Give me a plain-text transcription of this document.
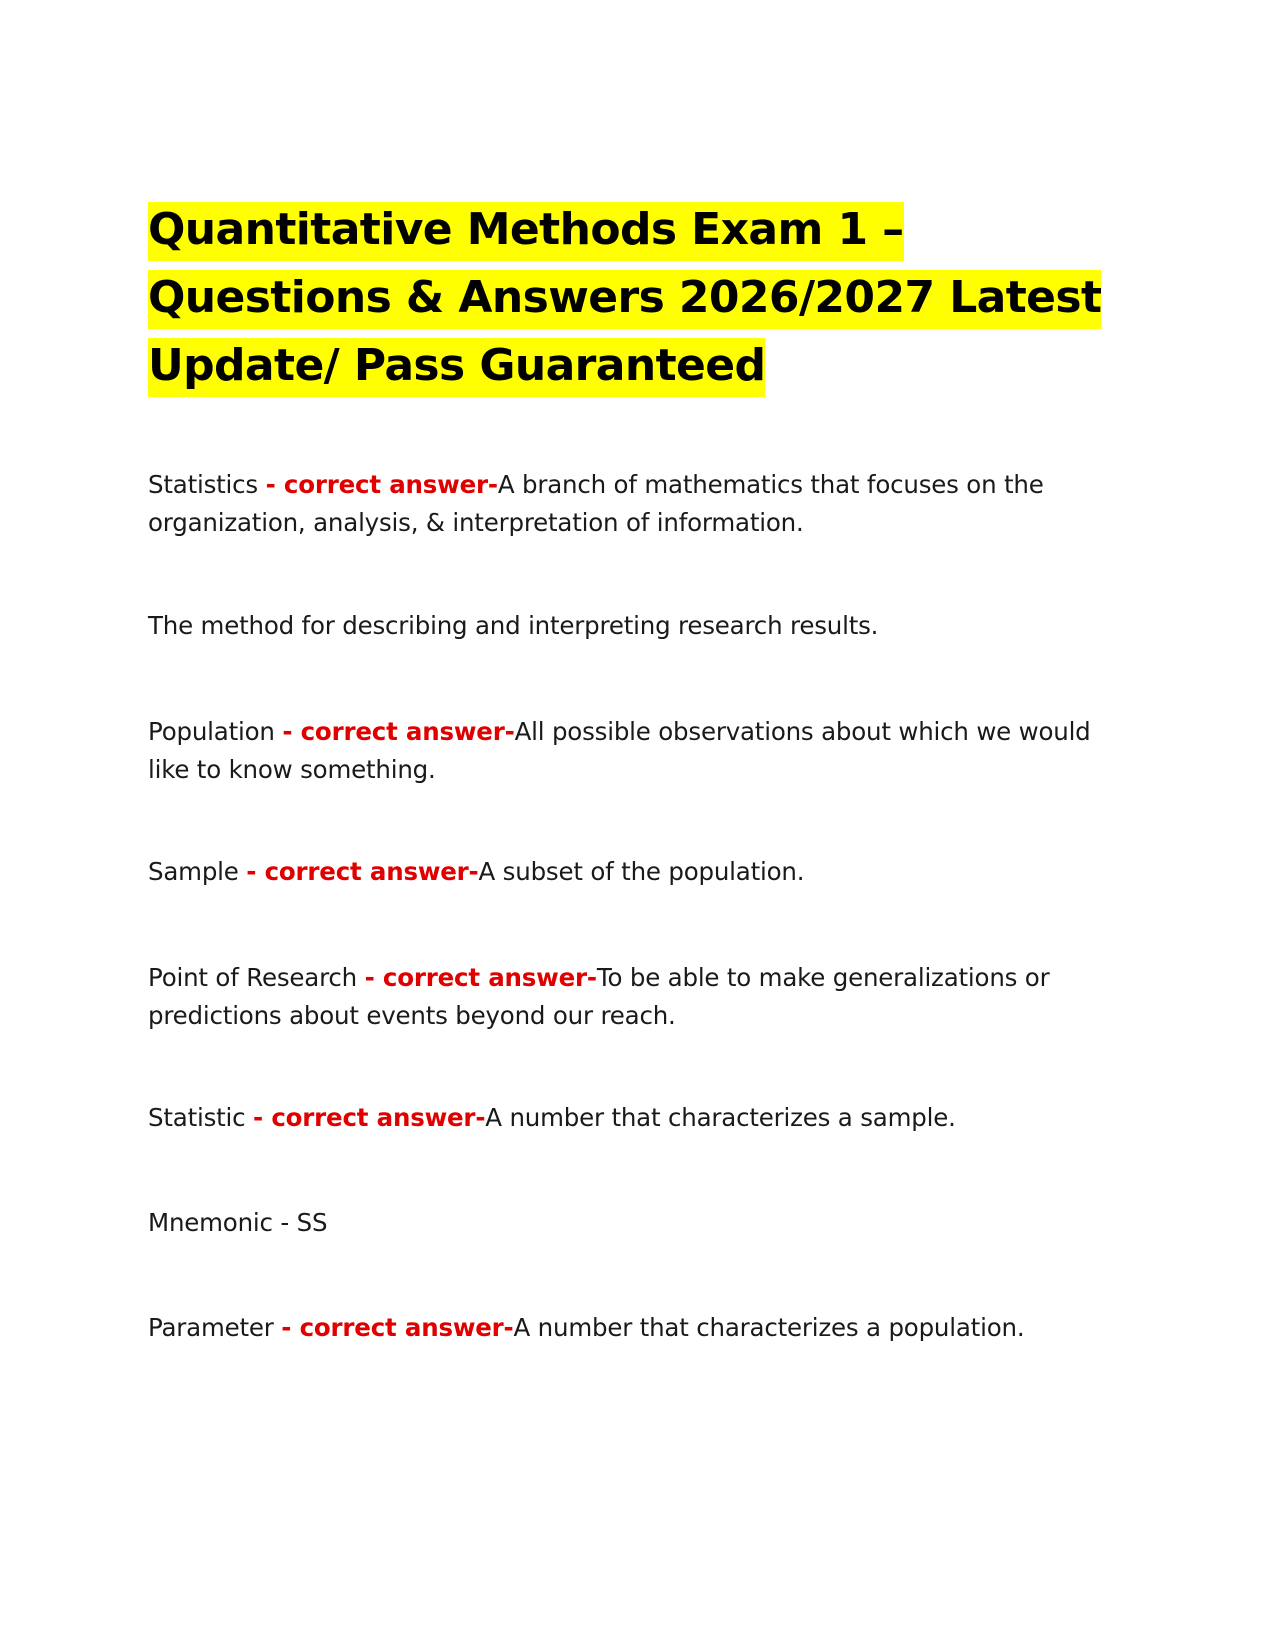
Quantitative Methods Exam 1 – Questions & Answers 2026/2027 Latest Update/ Pass Guaranteed

Statistics - correct answer-A branch of mathematics that focuses on the organization, analysis, & interpretation of information.

The method for describing and interpreting research results.

Population - correct answer-All possible observations about which we would like to know something.

Sample - correct answer-A subset of the population.

Point of Research - correct answer-To be able to make generalizations or predictions about events beyond our reach.

Statistic - correct answer-A number that characterizes a sample.

Mnemonic - SS

Parameter - correct answer-A number that characterizes a population.
